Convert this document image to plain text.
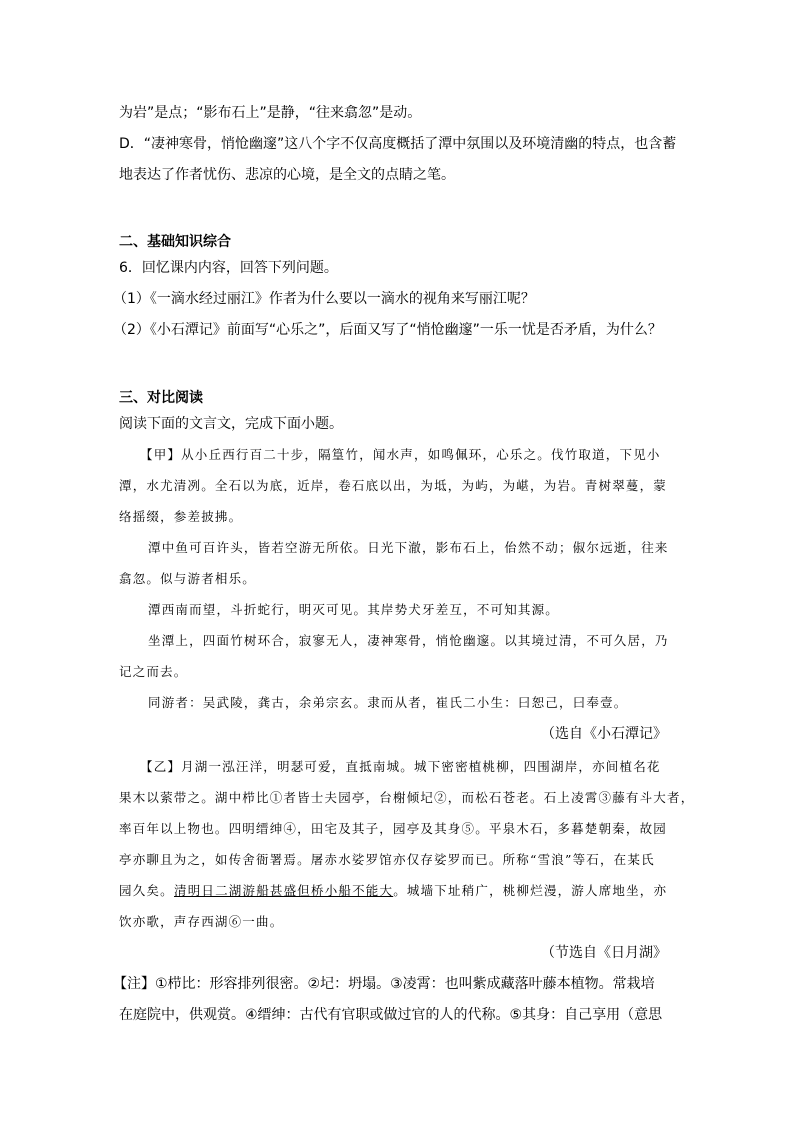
为岩”是点；“影布石上”是静，“往来翕忽”是动。
D．“凄神寒骨，悄怆幽邃”这八个字不仅高度概括了潭中氛围以及环境清幽的特点，也含蓄
地表达了作者忧伤、悲凉的心境，是全文的点睛之笔。
二、基础知识综合
6．回忆课内内容，回答下列问题。
（1）《一滴水经过丽江》作者为什么要以一滴水的视角来写丽江呢？
（2）《小石潭记》前面写“心乐之”，后面又写了“悄怆幽邃”一乐一忧是否矛盾，为什么？
三、对比阅读
阅读下面的文言文，完成下面小题。
【甲】从小丘西行百二十步，隔篁竹，闻水声，如鸣佩环，心乐之。伐竹取道，下见小
潭，水尤清冽。全石以为底，近岸，卷石底以出，为坻，为屿，为嵁，为岩。青树翠蔓，蒙
络摇缀，参差披拂。
潭中鱼可百许头，皆若空游无所依。日光下澈，影布石上，佁然不动；俶尔远逝，往来
翕忽。似与游者相乐。
潭西南而望，斗折蛇行，明灭可见。其岸势犬牙差互，不可知其源。
坐潭上，四面竹树环合，寂寥无人，凄神寒骨，悄怆幽邃。以其境过清，不可久居，乃
记之而去。
同游者：吴武陵，龚古，余弟宗玄。隶而从者，崔氏二小生：曰恕己，曰奉壹。
（选自《小石潭记》
【乙】月湖一泓汪洋，明瑟可爱，直抵南城。城下密密植桃柳，四围湖岸，亦间植名花
果木以萦带之。湖中栉比①者皆士夫园亭，台榭倾圮②，而松石苍老。石上凌霄③藤有斗大者，
率百年以上物也。四明缙绅④，田宅及其子，园亭及其身⑤。平泉木石，多暮楚朝秦，故园
亭亦聊且为之，如传舍衙署焉。屠赤水娑罗馆亦仅存娑罗而已。所称“雪浪”等石，在某氏
园久矣。 清明日二湖游船甚盛但桥小船不能大。城墙下址稍广，桃柳烂漫，游人席地坐，亦
饮亦歌，声存西湖⑥一曲。
（节选自《日月湖》
【注】①栉比：形容排列很密。②圮：坍塌。③凌霄：也叫紫成藏落叶藤本植物。常栽培
在庭院中，供观赏。④缙绅：古代有官职或做过官的人的代称。⑤其身：自己享用（意思
